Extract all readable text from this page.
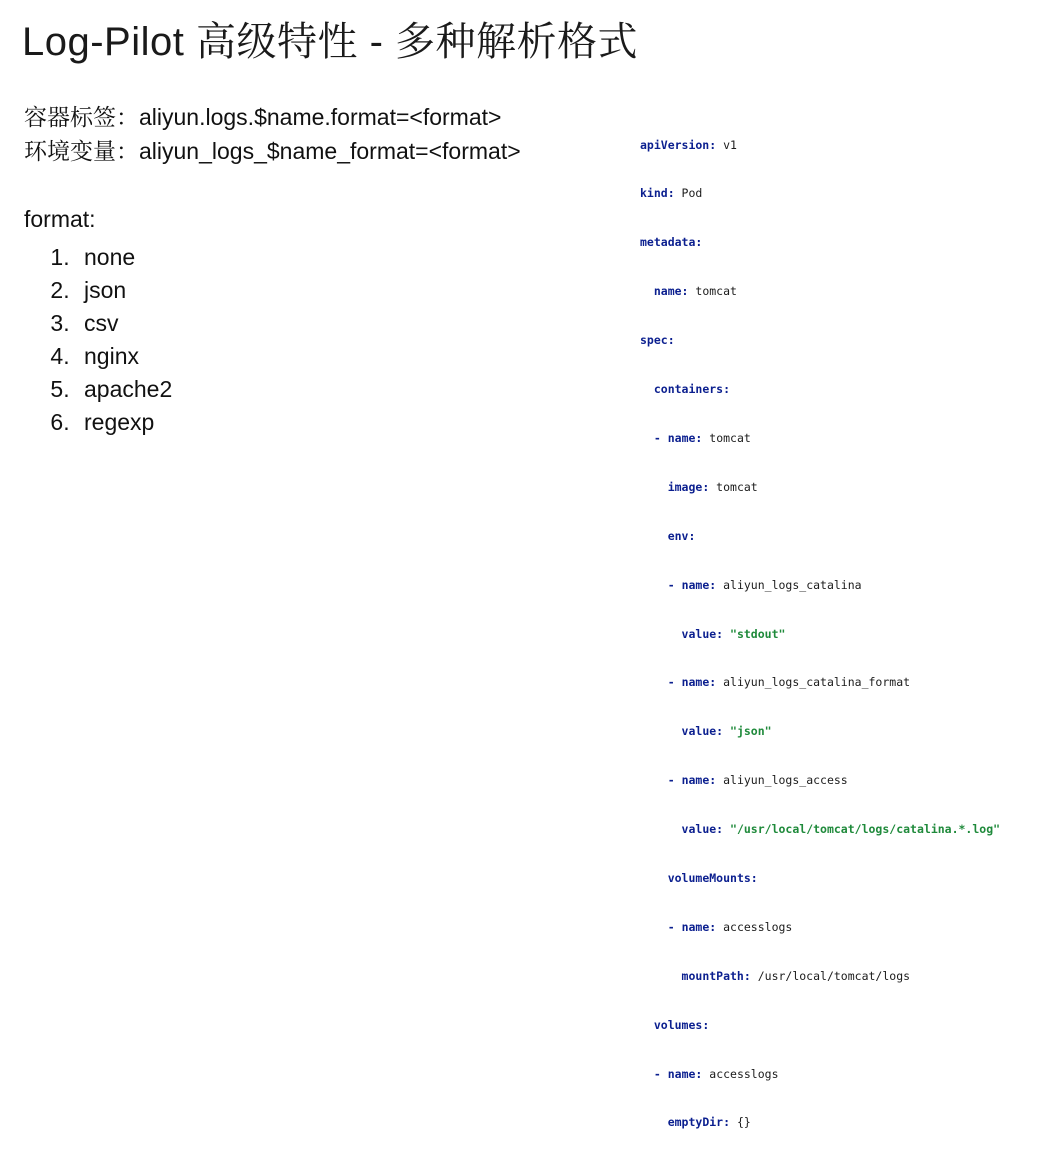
Log-Pilot 高级特性 - 多种解析格式
容器标签：aliyun.logs.$name.format=<format>
环境变量：aliyun_logs_$name_format=<format>
format:
1. none
2. json
3. csv
4. nginx
5. apache2
6. regexp

apiVersion: v1

kind: Pod

metadata:

name: tomcat

spec:

containers:

- name: tomcat

image: tomcat

env:

- name: aliyun_logs_catalina

value: "stdout"

- name: aliyun_logs_catalina_format

value: "json"

- name: aliyun_logs_access

value: "/usr/local/tomcat/logs/catalina.*.log"

volumeMounts:

- name: accesslogs

mountPath: /usr/local/tomcat/logs

volumes:

- name: accesslogs

emptyDir: {}
